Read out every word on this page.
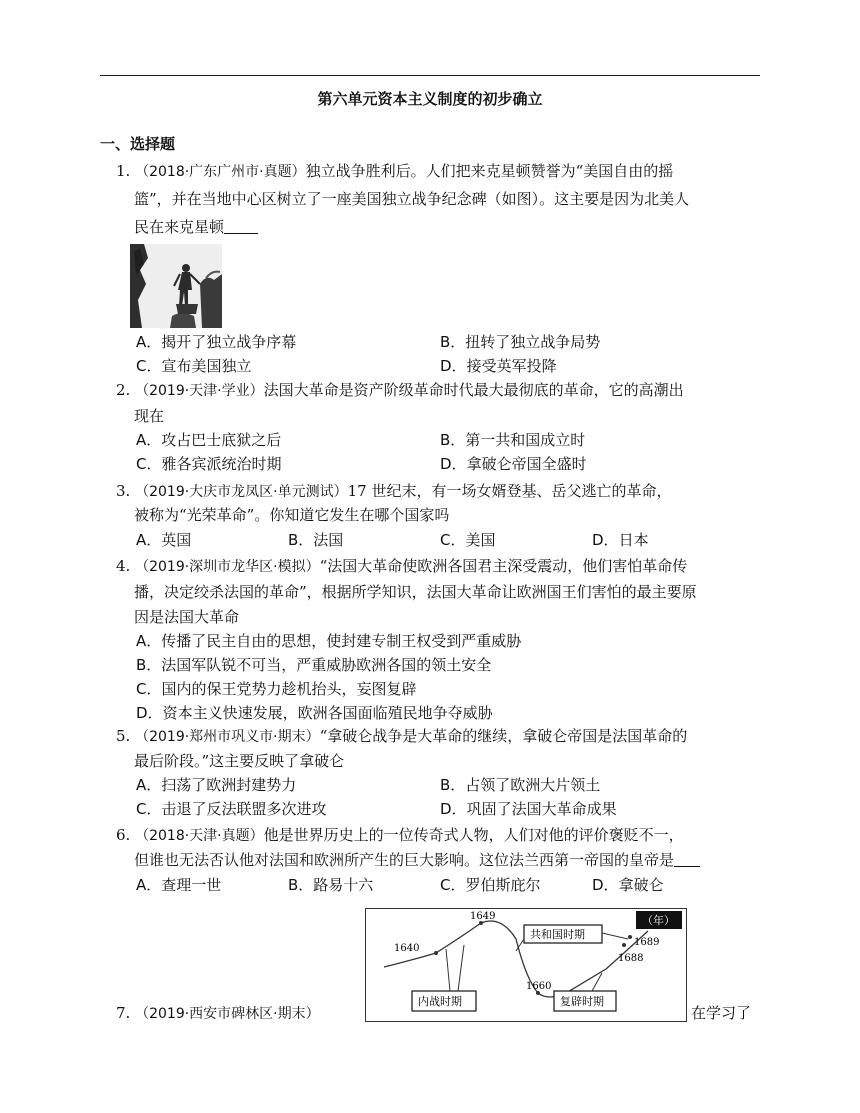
第六单元资本主义制度的初步确立
一、选择题
1. （2018·广东广州市·真题）独立战争胜利后。人们把来克星顿赞誉为“美国自由的摇
篮”，并在当地中心区树立了一座美国独立战争纪念碑（如图）。这主要是因为北美人
民在来克星顿
A．揭开了独立战争序幕	B．扭转了独立战争局势
C．宣布美国独立	D．接受英军投降
2. （2019·天津·学业）法国大革命是资产阶级革命时代最大最彻底的革命，它的高潮出
现在
A．攻占巴士底狱之后	B．第一共和国成立时
C．雅各宾派统治时期	D．拿破仑帝国全盛时
3. （2019·大庆市龙凤区·单元测试）17 世纪末，有一场女婿登基、岳父逃亡的革命，
被称为“光荣革命”。你知道它发生在哪个国家吗
A．英国	B．法国	C．美国	D．日本
4. （2019·深圳市龙华区·模拟）“法国大革命使欧洲各国君主深受震动，他们害怕革命传
播，决定绞杀法国的革命”，根据所学知识，法国大革命让欧洲国王们害怕的最主要原
因是法国大革命
A．传播了民主自由的思想，使封建专制王权受到严重威胁
B．法国军队锐不可当，严重威胁欧洲各国的领土安全
C．国内的保王党势力趁机抬头，妄图复辟
D．资本主义快速发展，欧洲各国面临殖民地争夺威胁
5. （2019·郑州市巩义市·期末）“拿破仑战争是大革命的继续，拿破仑帝国是法国革命的
最后阶段。”这主要反映了拿破仑
A．扫荡了欧洲封建势力	B．占领了欧洲大片领土
C．击退了反法联盟多次进攻	D．巩固了法国大革命成果
6. （2018·天津·真题）他是世界历史上的一位传奇式人物，人们对他的评价褒贬不一，
但谁也无法否认他对法国和欧洲所产生的巨大影响。这位法兰西第一帝国的皇帝是
A．查理一世	B．路易十六	C．罗伯斯庇尔	D．拿破仑
7. （2019·西安市碑林区·期末）	在学习了
1640
1649
1660
1688
1689
（年）
共和国时期
内战时期	复辟时期
